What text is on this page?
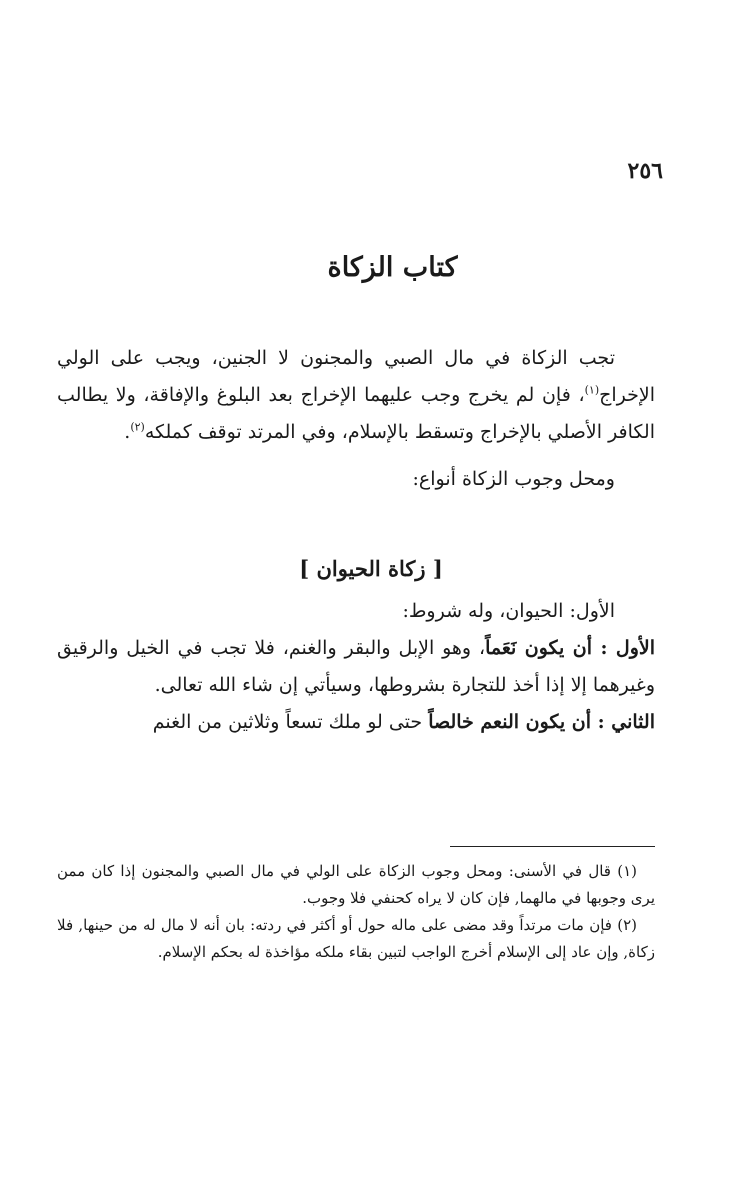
٢٥٦

كتاب الزكاة

تجب الزكاة في مال الصبي والمجنون لا الجنين، ويجب على الولي الإخراج$^{(١)}$، فإن لم يخرج وجب عليهما الإخراج بعد البلوغ والإفاقة، ولا يطالب الكافر الأصلي بالإخراج وتسقط بالإسلام، وفي المرتد توقف كملكه$^{(٢)}$.

ومحل وجوب الزكاة أنواع:

[ زكاة الحيوان ]

الأول: الحيوان، وله شروط:

الأول : أن يكون نَعَماً، وهو الإبل والبقر والغنم، فلا تجب في الخيل والرقيق وغيرهما إلا إذا أخذ للتجارة بشروطها، وسيأتي إن شاء الله تعالى.

الثاني : أن يكون النعم خالصاً حتى لو ملك تسعاً وثلاثين من الغنم

(١) قال في الأسنى: ومحل وجوب الزكاة على الولي في مال الصبي والمجنون إذا كان ممن يرى وجوبها في مالهما, فإن كان لا يراه كحنفي فلا وجوب.

(٢) فإن مات مرتداً وقد مضى على ماله حول أو أكثر في ردته: بان أنه لا مال له من حينها, فلا زكاة, وإن عاد إلى الإسلام أخرج الواجب لتبين بقاء ملكه مؤاخذة له بحكم الإسلام.
